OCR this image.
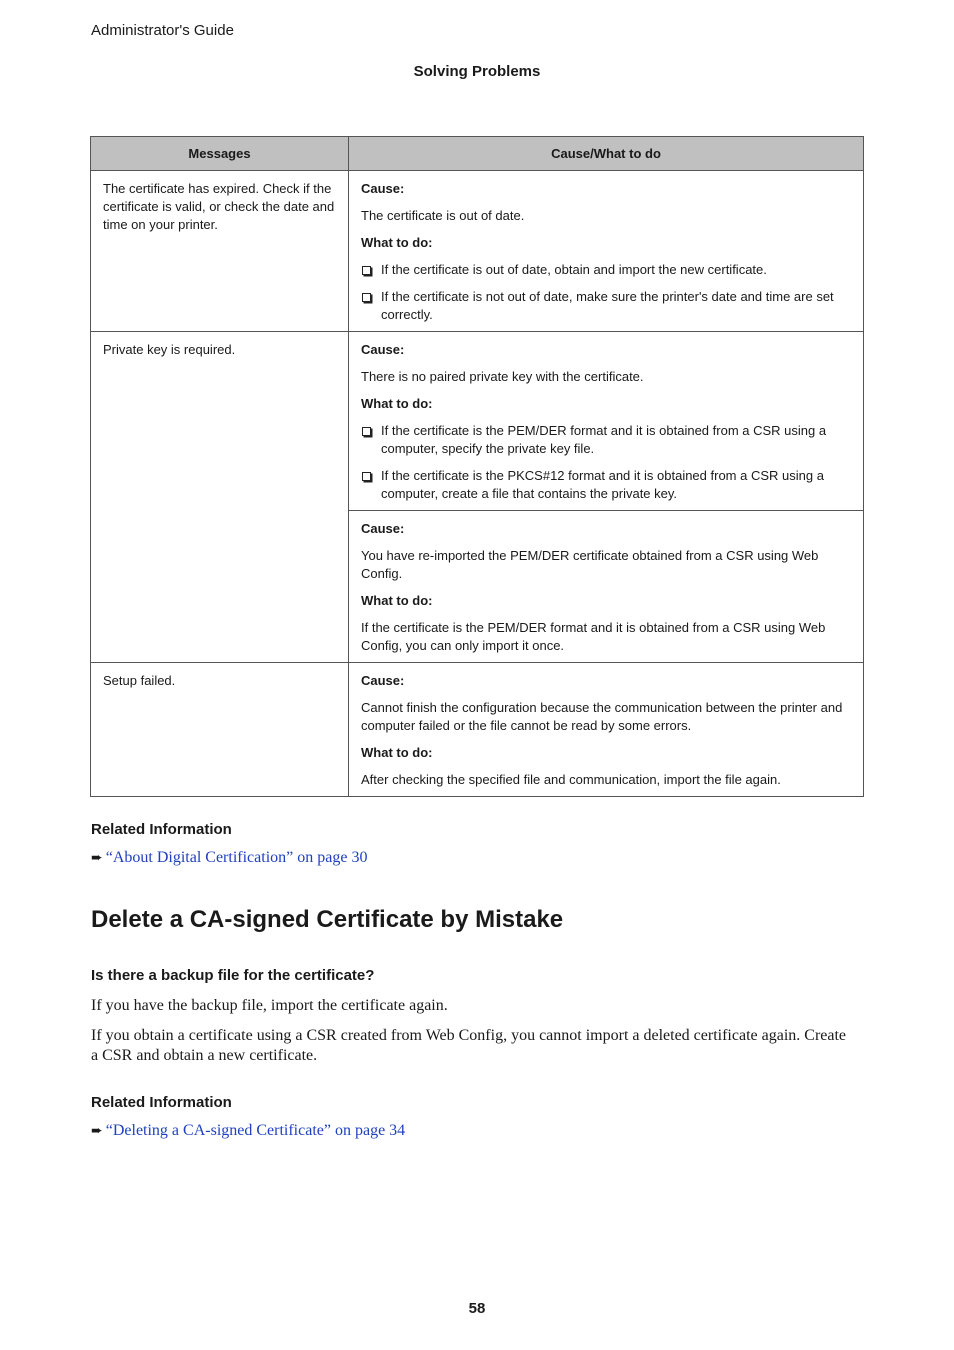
Administrator's Guide
Solving Problems
Messages	Cause/What to do
The certificate has expired. Check if the certificate is valid, or check the date and time on your printer.	Cause:
The certificate is out of date.
What to do:
If the certificate is out of date, obtain and import the new certificate.
If the certificate is not out of date, make sure the printer's date and time are set correctly.

Private key is required.	Cause:
There is no paired private key with the certificate.
What to do:
If the certificate is the PEM/DER format and it is obtained from a CSR using a computer, specify the private key file.
If the certificate is the PKCS#12 format and it is obtained from a CSR using a computer, create a file that contains the private key.

	Cause:
You have re-imported the PEM/DER certificate obtained from a CSR using Web Config.
What to do:
If the certificate is the PEM/DER format and it is obtained from a CSR using Web Config, you can only import it once.

Setup failed.	Cause:
Cannot finish the configuration because the communication between the printer and computer failed or the file cannot be read by some errors.
What to do:
After checking the specified file and communication, import the file again.
Related Information
➨ “About Digital Certification” on page 30
Delete a CA-signed Certificate by Mistake
Is there a backup file for the certificate?
If you have the backup file, import the certificate again.
If you obtain a certificate using a CSR created from Web Config, you cannot import a deleted certificate again. Create a CSR and obtain a new certificate.
Related Information
➨ “Deleting a CA-signed Certificate” on page 34
58
